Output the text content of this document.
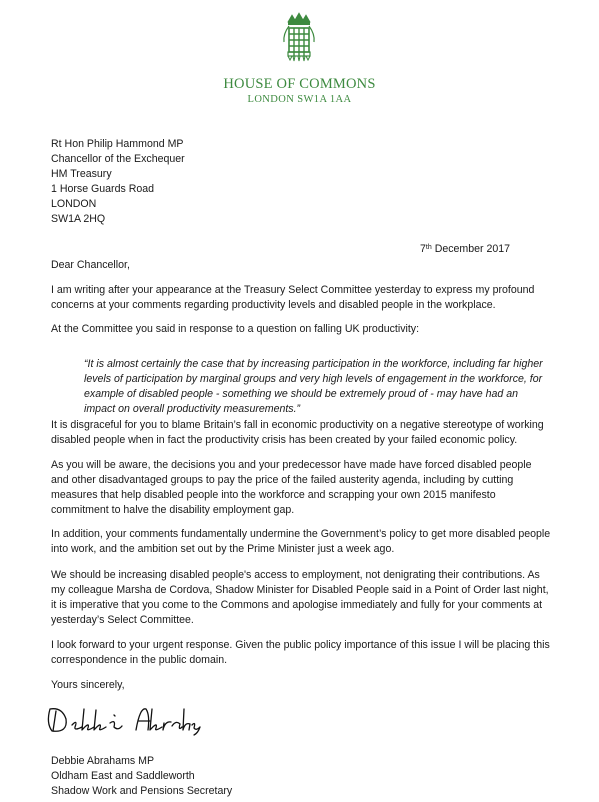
HOUSE OF COMMONS
LONDON SW1A 1AA
Rt Hon Philip Hammond MP
Chancellor of the Exchequer
HM Treasury
1 Horse Guards Road
LONDON
SW1A 2HQ
7th December 2017
Dear Chancellor,

I am writing after your appearance at the Treasury Select Committee yesterday to express my profound concerns at your comments regarding productivity levels and disabled people in the workplace.

At the Committee you said in response to a question on falling UK productivity:

“It is almost certainly the case that by increasing participation in the workforce, including far higher levels of participation by marginal groups and very high levels of engagement in the workforce, for example of disabled people - something we should be extremely proud of - may have had an impact on overall productivity measurements.”

It is disgraceful for you to blame Britain’s fall in economic productivity on a negative stereotype of working disabled people when in fact the productivity crisis has been created by your failed economic policy.

As you will be aware, the decisions you and your predecessor have made have forced disabled people and other disadvantaged groups to pay the price of the failed austerity agenda, including by cutting measures that help disabled people into the workforce and scrapping your own 2015 manifesto commitment to halve the disability employment gap.

In addition, your comments fundamentally undermine the Government’s policy to get more disabled people into work, and the ambition set out by the Prime Minister just a week ago.

We should be increasing disabled people's access to employment, not denigrating their contributions. As my colleague Marsha de Cordova, Shadow Minister for Disabled People said in a Point of Order last night, it is imperative that you come to the Commons and apologise immediately and fully for your comments at yesterday’s Select Committee.

I look forward to your urgent response. Given the public policy importance of this issue I will be placing this correspondence in the public domain.

Yours sincerely,
Debbie Abrahams MP
Oldham East and Saddleworth
Shadow Work and Pensions Secretary
